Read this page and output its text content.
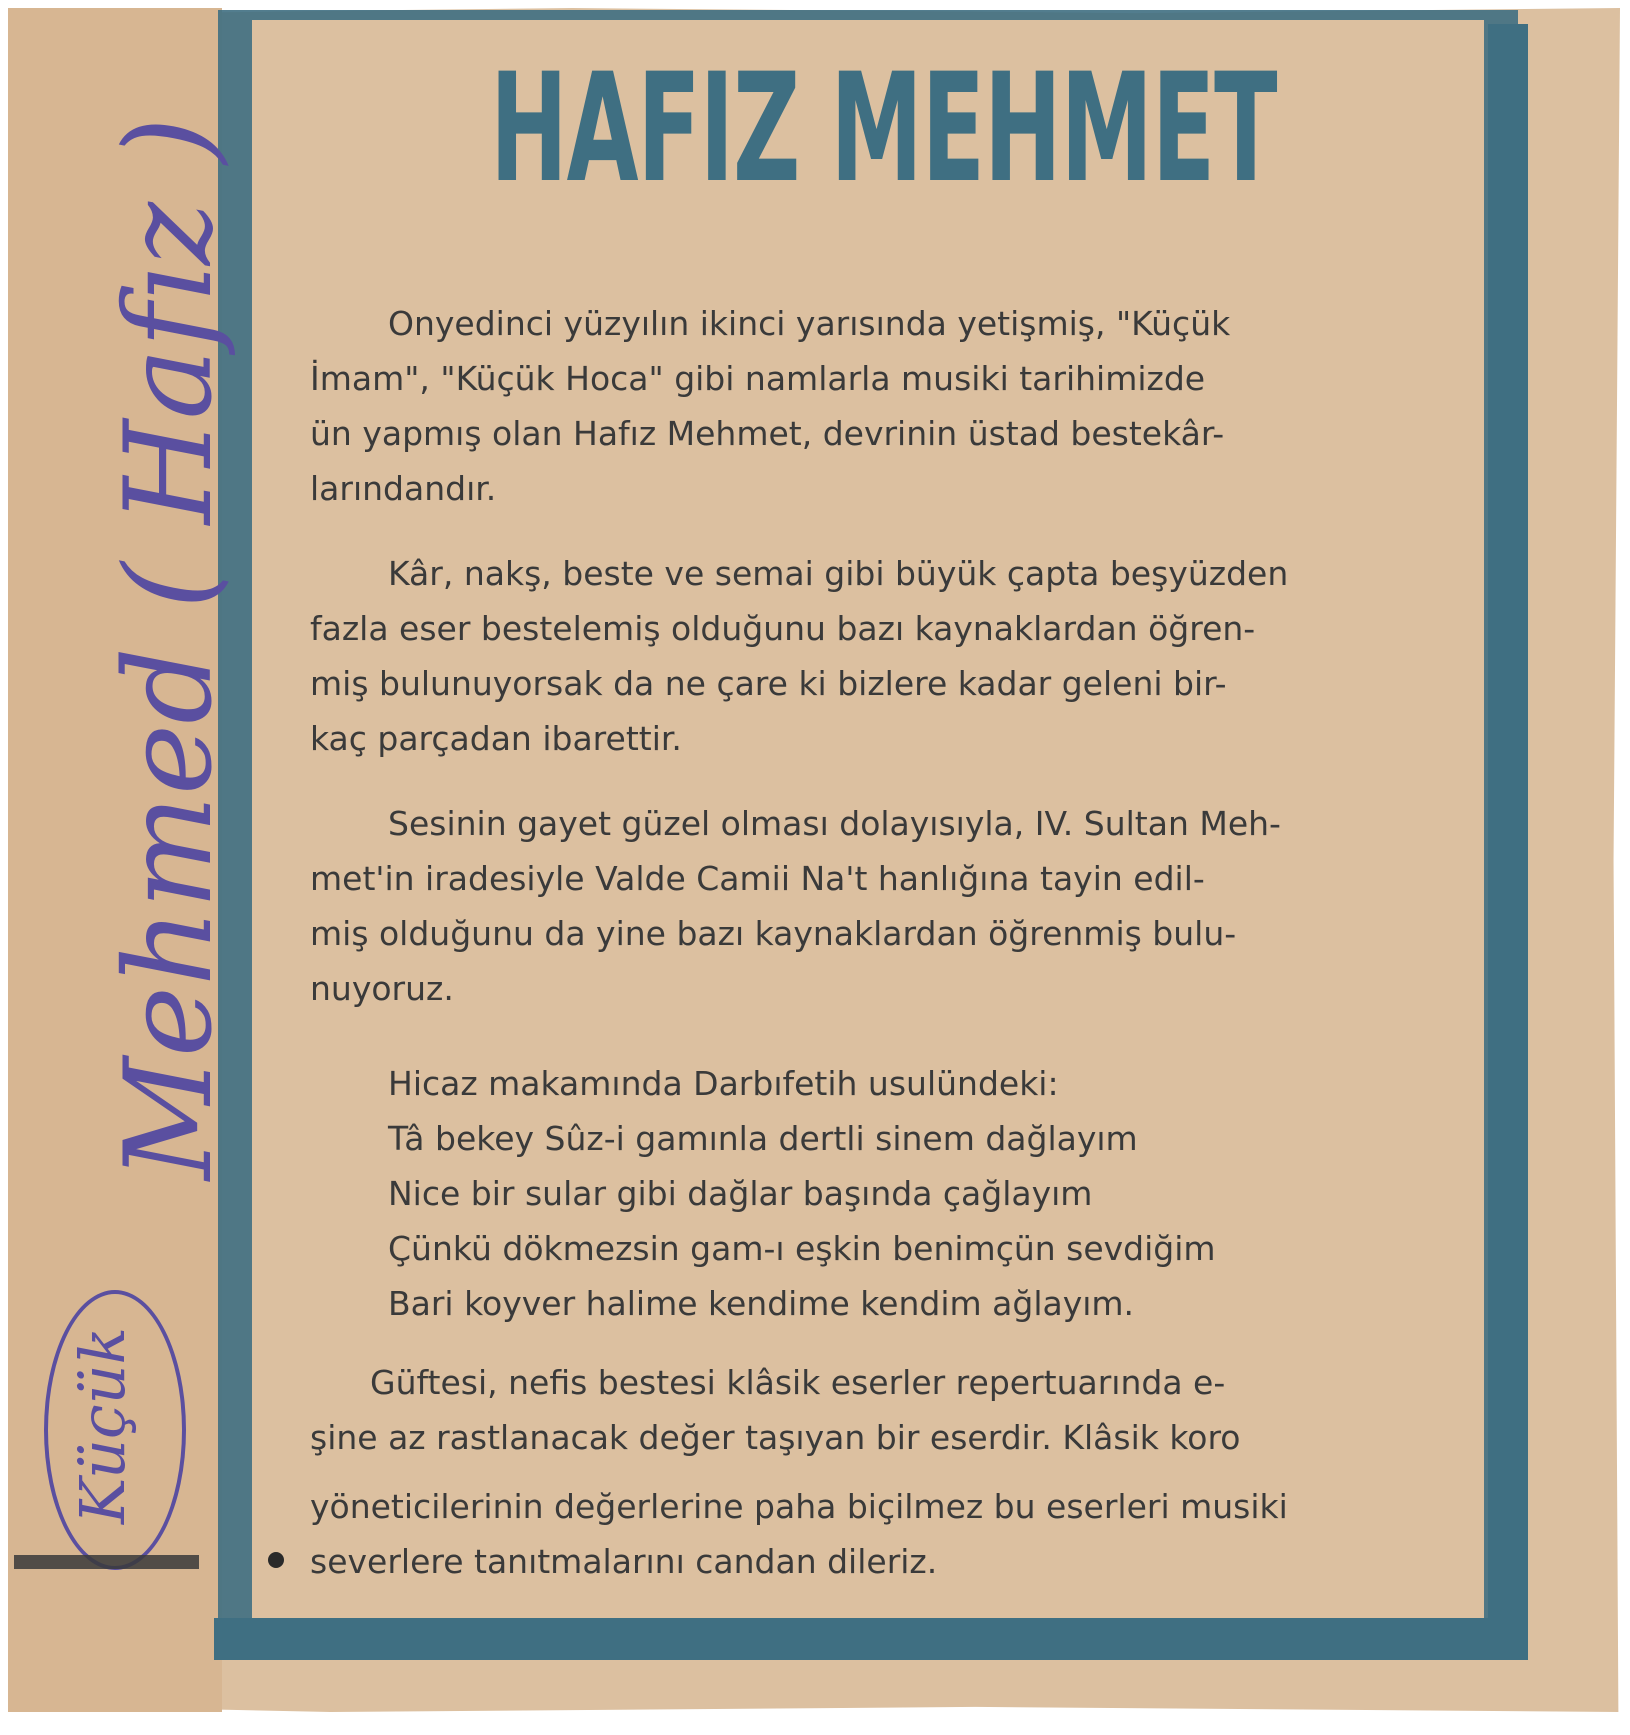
HAFIZ MEHMET
Onyedinci yüzyılın ikinci yarısında yetişmiş, "Küçük
İmam", "Küçük Hoca" gibi namlarla musiki tarihimizde
ün yapmış olan Hafız Mehmet, devrinin üstad bestekâr-
larındandır.
Kâr, nakş, beste ve semai gibi büyük çapta beşyüzden
fazla eser bestelemiş olduğunu bazı kaynaklardan öğren-
miş bulunuyorsak da ne çare ki bizlere kadar geleni bir-
kaç parçadan ibarettir.
Sesinin gayet güzel olması dolayısıyla, IV. Sultan Meh-
met'in iradesiyle Valde Camii Na't hanlığına tayin edil-
miş olduğunu da yine bazı kaynaklardan öğrenmiş bulu-
nuyoruz.
Hicaz makamında Darbıfetih usulündeki:
Tâ bekey Sûz-i gamınla dertli sinem dağlayım
Nice bir sular gibi dağlar başında çağlayım
Çünkü dökmezsin gam-ı eşkin benimçün sevdiğim
Bari koyver halime kendime kendim ağlayım.
Güftesi, nefis bestesi klâsik eserler repertuarında e-
şine az rastlanacak değer taşıyan bir eserdir. Klâsik koro
yöneticilerinin değerlerine paha biçilmez bu eserleri musiki
severlere tanıtmalarını candan dileriz.
Mehmed ( Hafız )
Küçük
